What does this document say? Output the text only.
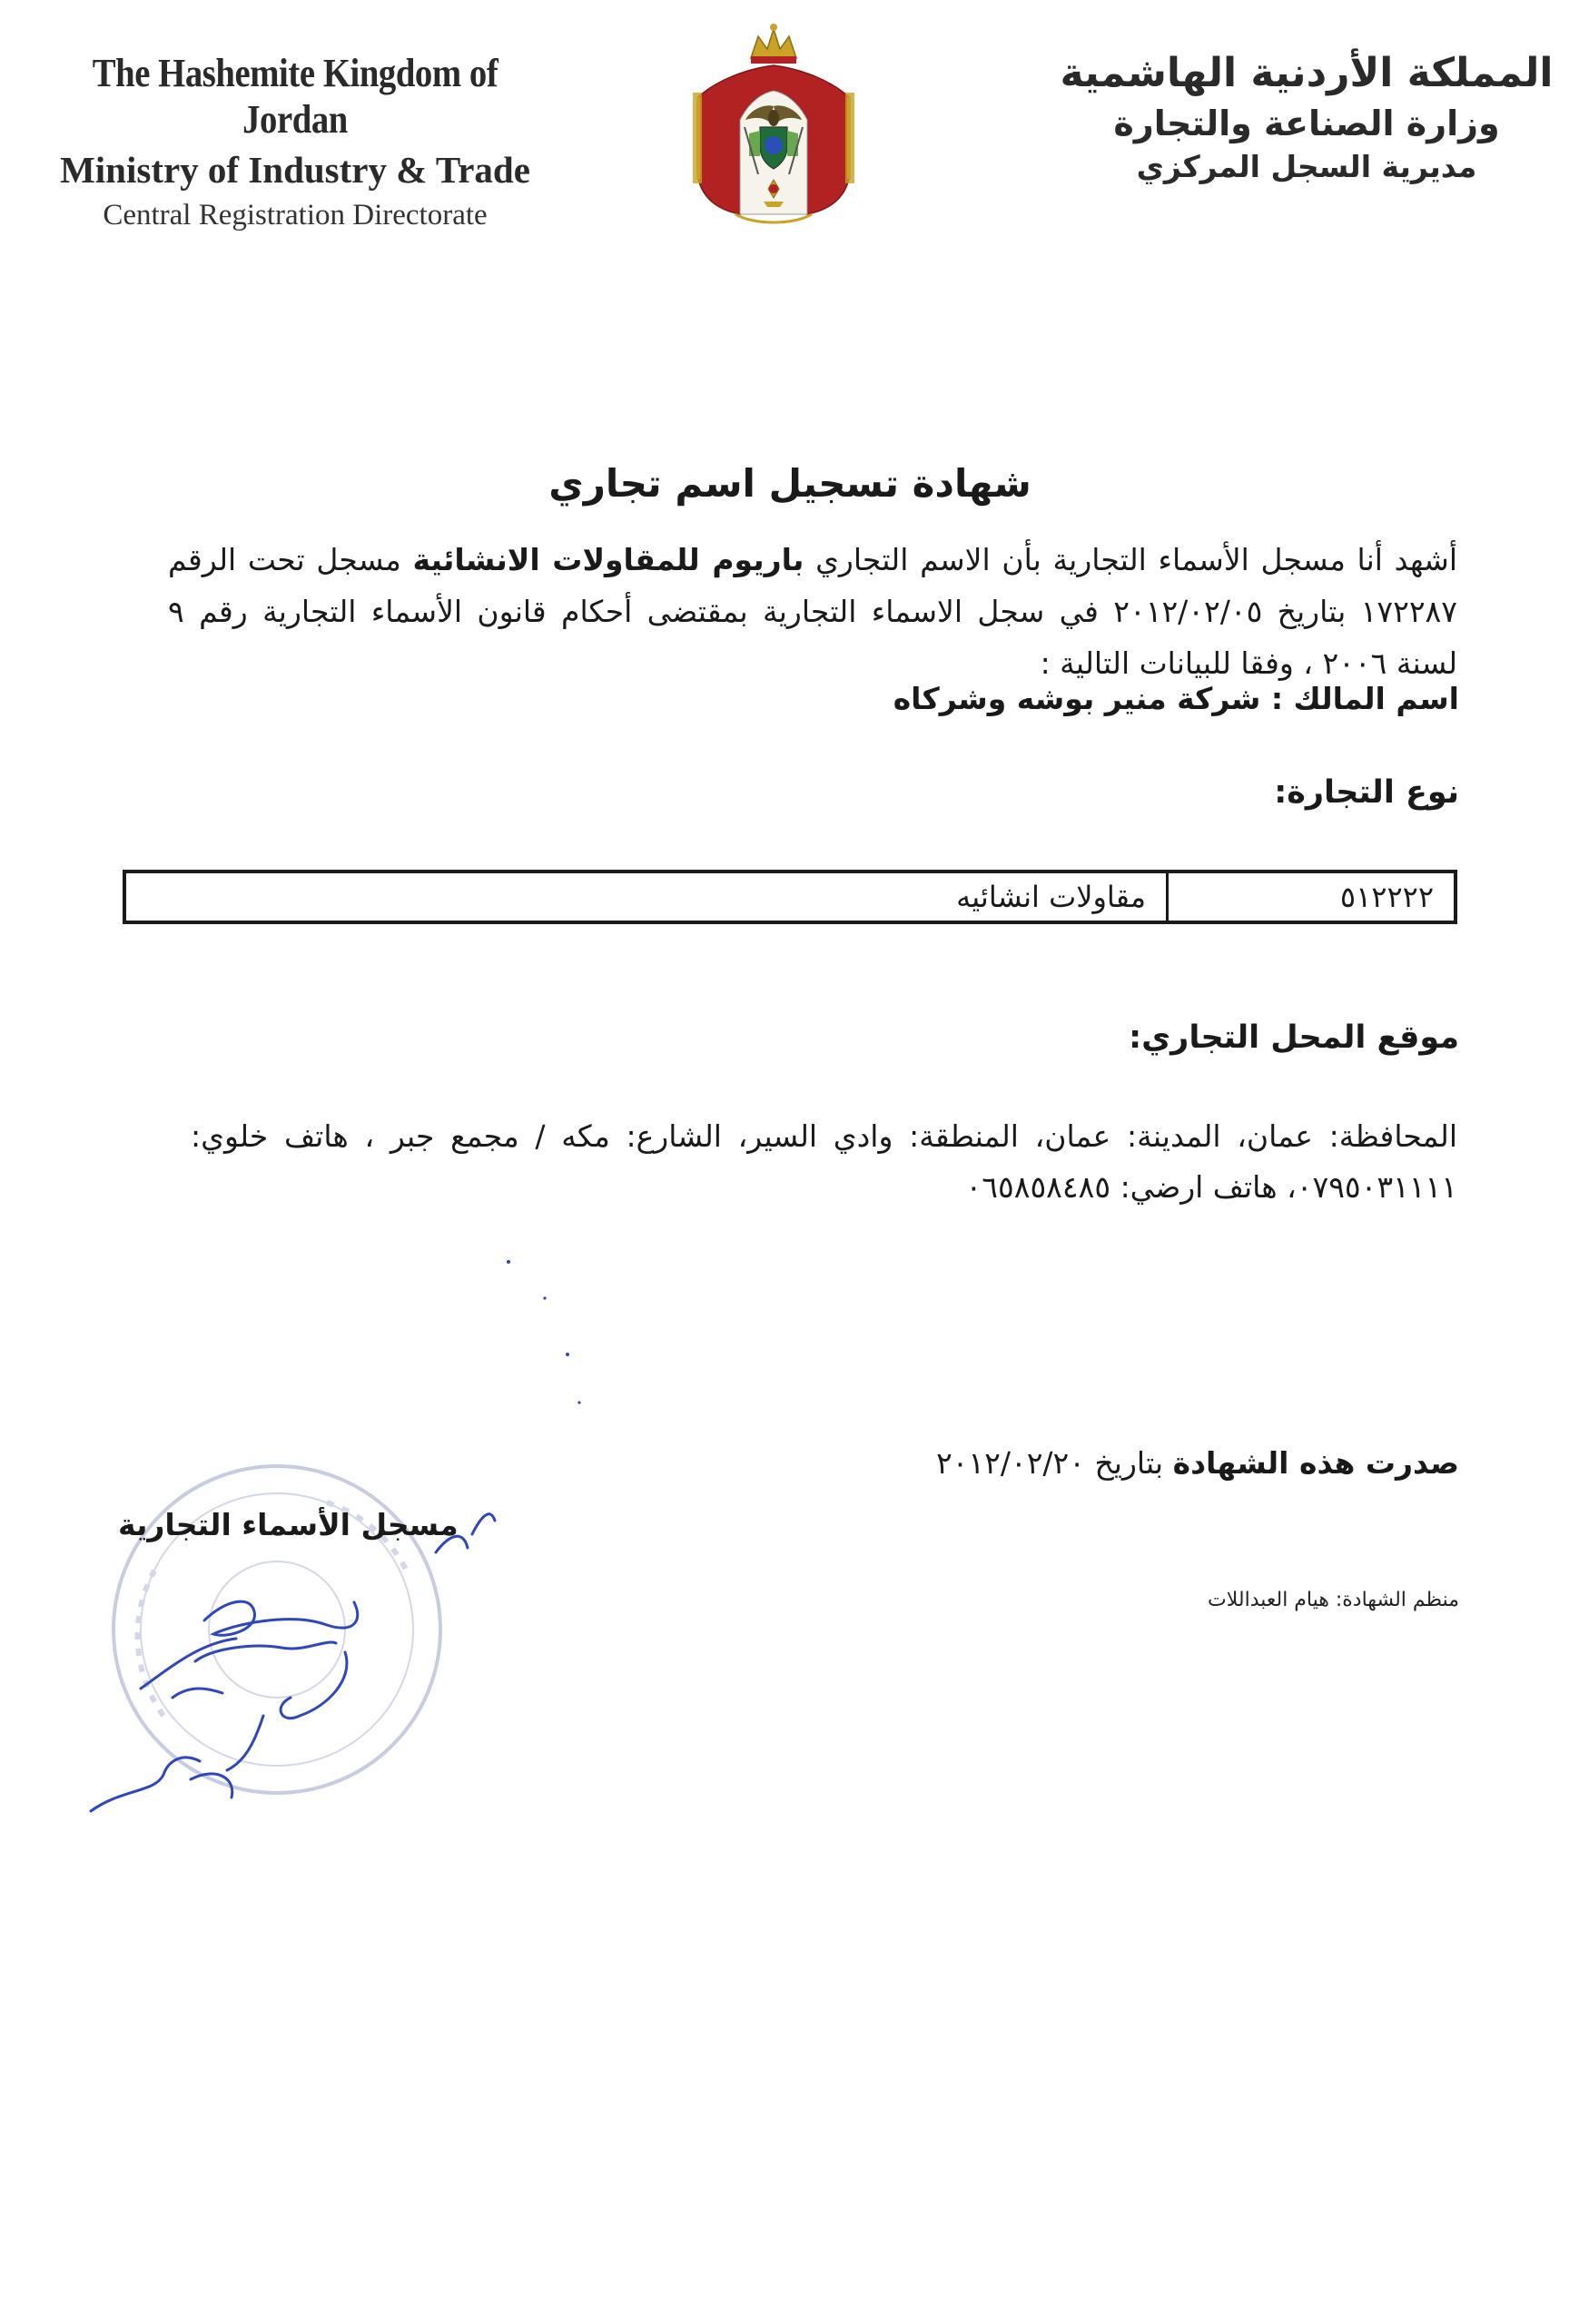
The Hashemite Kingdom of Jordan
Ministry of Industry & Trade
Central Registration Directorate
المملكة الأردنية الهاشمية
وزارة الصناعة والتجارة
مديرية السجل المركزي
شهادة تسجيل اسم تجاري
أشهد أنا مسجل الأسماء التجارية بأن الاسم التجاري باريوم للمقاولات الانشائية مسجل تحت الرقم ١٧٢٢٨٧ بتاريخ ٢٠١٢/٠٢/٠٥ في سجل الاسماء التجارية بمقتضى أحكام قانون الأسماء التجارية رقم ٩ لسنة ٢٠٠٦ ، وفقا للبيانات التالية :
اسم المالك : شركة منير بوشه وشركاه
نوع التجارة:
٥١٢٢٢٢
مقاولات انشائيه
موقع المحل التجاري:
المحافظة: عمان، المدينة: عمان، المنطقة: وادي السير، الشارع: مكه / مجمع جبر ، هاتف خلوي: ٠٧٩٥٠٣١١١١، هاتف ارضي: ٠٦٥٨٥٨٤٨٥
صدرت هذه الشهادة بتاريخ ٢٠١٢/٠٢/٢٠
مسجل الأسماء التجارية
منظم الشهادة: هيام العبداللات
